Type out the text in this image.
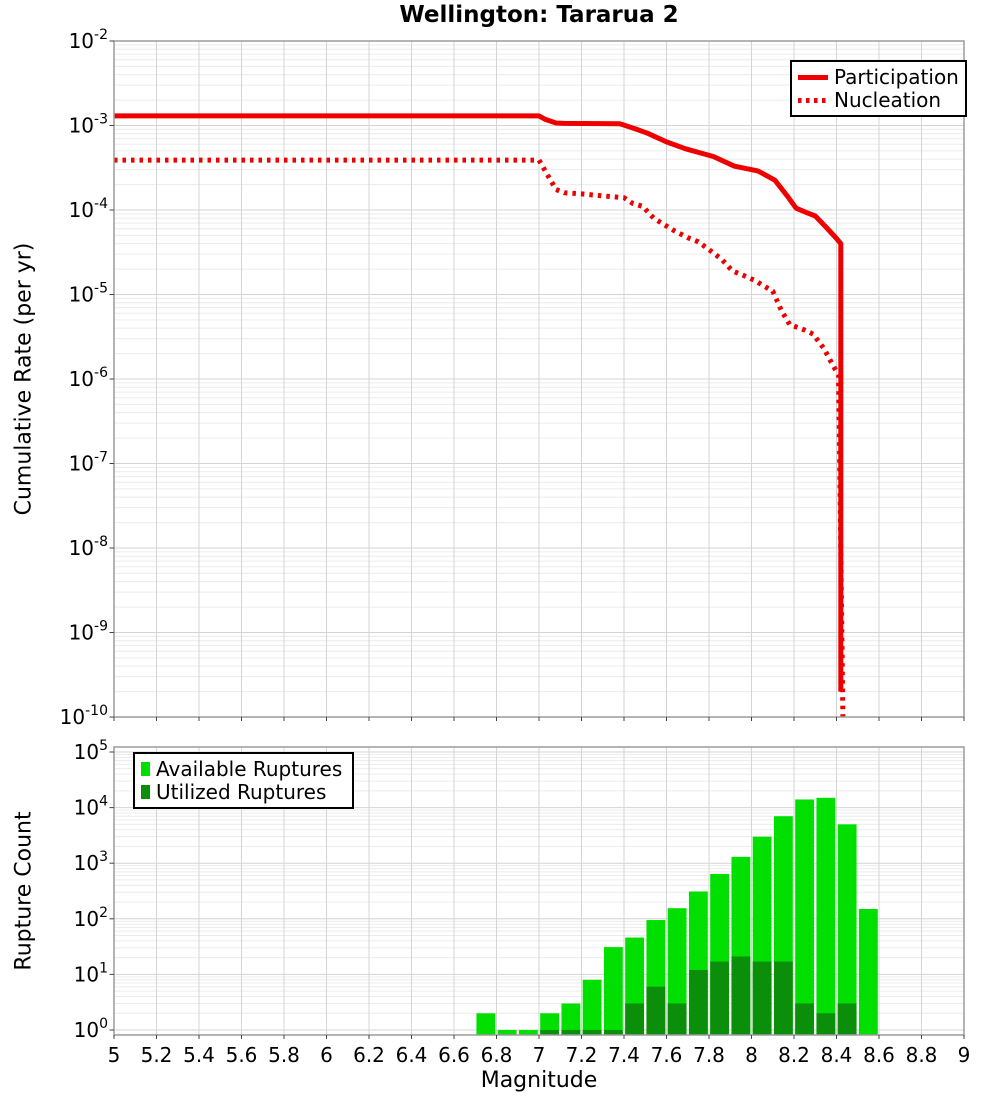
$10^{-2}$
$10^{-3}$
$10^{-4}$
$10^{-5}$
$10^{-6}$
$10^{-7}$
$10^{-8}$
$10^{-9}$
$10^{-10}$
$10^5$
$10^4$
$10^3$
$10^2$
$10^1$
$10^0$
5 5.2 5.4 5.6 5.8 6 6.2 6.4 6.6 6.8 7 7.2 7.4 7.6 7.8 8 8.2 8.4 8.6 8.8 9
Wellington: Tararua 2
Cumulative Rate (per yr)
Rupture Count
Magnitude
Participation
Nucleation
Available Ruptures
Utilized Ruptures
